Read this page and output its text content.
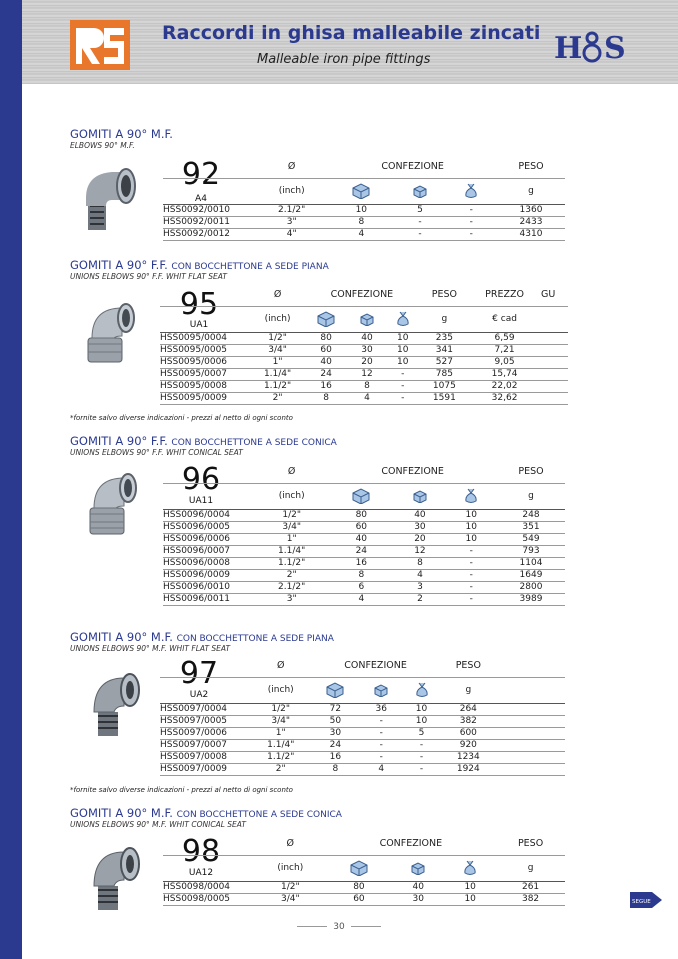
Raccordi in ghisa malleabile zincati
Malleable iron pipe fittings	H S
GOMITI A 90° M.F.
ELBOWS 90° M.F.
92
A4
	Ø	CONFEZIONE			PESO
	(inch)				g
HSS0092/0010	2.1/2"	10	5	-	1360
HSS0092/0011	3"	8	-	-	2433
HSS0092/0012	4"	4	-	-	4310
GOMITI A 90° F.F. CON BOCCHETTONE A SEDE PIANA
UNIONS ELBOWS 90° F.F. WHIT FLAT SEAT
95
UA1
	Ø	CONFEZIONE			PESO	PREZZO	GU
	(inch)				g	€ cad	
HSS0095/0004	1/2"	80	40	10	235	6,59	
HSS0095/0005	3/4"	60	30	10	341	7,21	
HSS0095/0006	1"	40	20	10	527	9,05	
HSS0095/0007	1.1/4"	24	12	-	785	15,74	
HSS0095/0008	1.1/2"	16	8	-	1075	22,02	
HSS0095/0009	2"	8	4	-	1591	32,62	
*fornite salvo diverse indicazioni - prezzi al netto di ogni sconto
GOMITI A 90° F.F. CON BOCCHETTONE A SEDE CONICA
UNIONS ELBOWS 90° F.F. WHIT CONICAL SEAT
96
UA11
	Ø	CONFEZIONE			PESO
	(inch)				g
HSS0096/0004	1/2"	80	40	10	248
HSS0096/0005	3/4"	60	30	10	351
HSS0096/0006	1"	40	20	10	549
HSS0096/0007	1.1/4"	24	12	-	793
HSS0096/0008	1.1/2"	16	8	-	1104
HSS0096/0009	2"	8	4	-	1649
HSS0096/0010	2.1/2"	6	3	-	2800
HSS0096/0011	3"	4	2	-	3989
GOMITI A 90° M.F. CON BOCCHETTONE A SEDE PIANA
UNIONS ELBOWS 90° M.F. WHIT FLAT SEAT
97
UA2
	Ø	CONFEZIONE			PESO	
	(inch)				g	
HSS0097/0004	1/2"	72	36	10	264	
HSS0097/0005	3/4"	50	-	10	382	
HSS0097/0006	1"	30	-	5	600	
HSS0097/0007	1.1/4"	24	-	-	920	
HSS0097/0008	1.1/2"	16	-	-	1234	
HSS0097/0009	2"	8	4	-	1924	
*fornite salvo diverse indicazioni - prezzi al netto di ogni sconto
GOMITI A 90° M.F. CON BOCCHETTONE A SEDE CONICA
UNIONS ELBOWS 90° M.F. WHIT CONICAL SEAT
98
UA12
	Ø	CONFEZIONE			PESO
	(inch)				g
HSS0098/0004	1/2"	80	40	10	261
HSS0098/0005	3/4"	60	30	10	382	SEGUE
30
